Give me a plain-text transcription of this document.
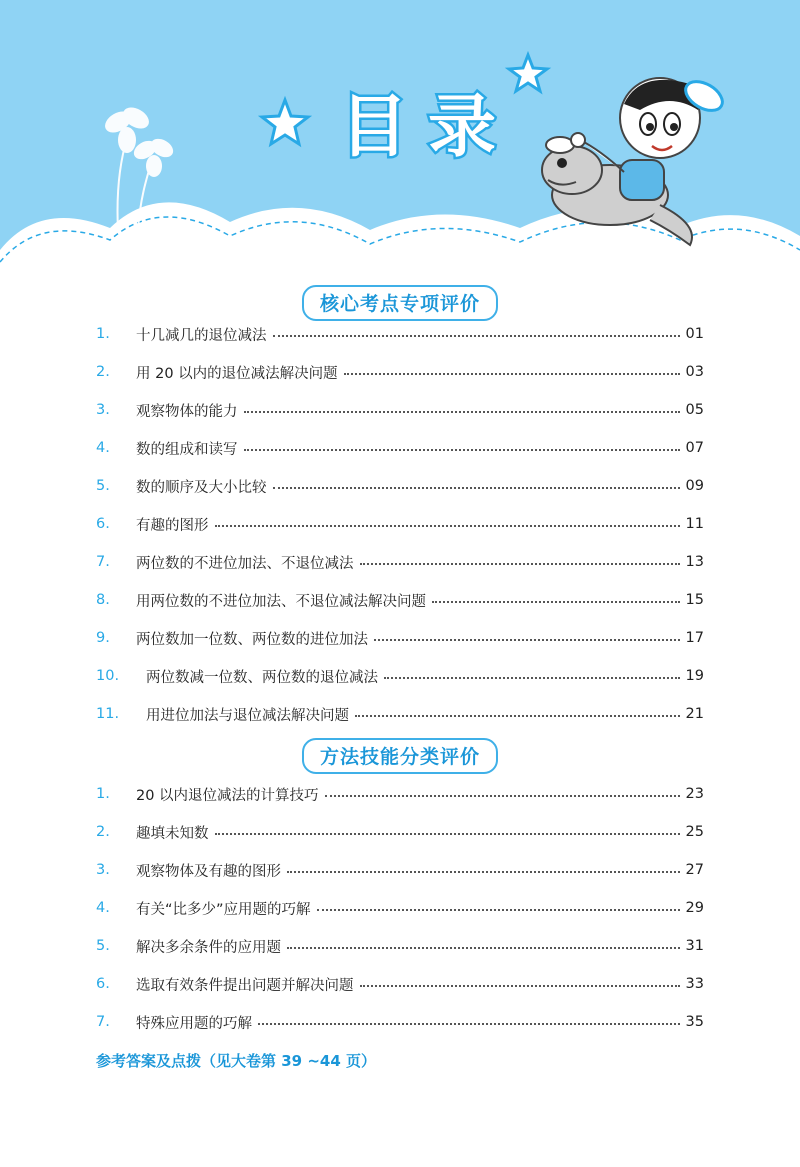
目 录
核心考点专项评价
1.	十几减几的退位减法	01
2.	用 20 以内的退位减法解决问题	03
3.	观察物体的能力	05
4.	数的组成和读写	07
5.	数的顺序及大小比较	09
6.	有趣的图形	11
7.	两位数的不进位加法、不退位减法	13
8.	用两位数的不进位加法、不退位减法解决问题	15
9.	两位数加一位数、两位数的进位加法	17
10.	两位数减一位数、两位数的退位减法	19
11.	用进位加法与退位减法解决问题	21
方法技能分类评价
1.	20 以内退位减法的计算技巧	23
2.	趣填未知数	25
3.	观察物体及有趣的图形	27
4.	有关“比多少”应用题的巧解	29
5.	解决多余条件的应用题	31
6.	选取有效条件提出问题并解决问题	33
7.	特殊应用题的巧解	35
参考答案及点拨（见大卷第 39 ~44 页）
